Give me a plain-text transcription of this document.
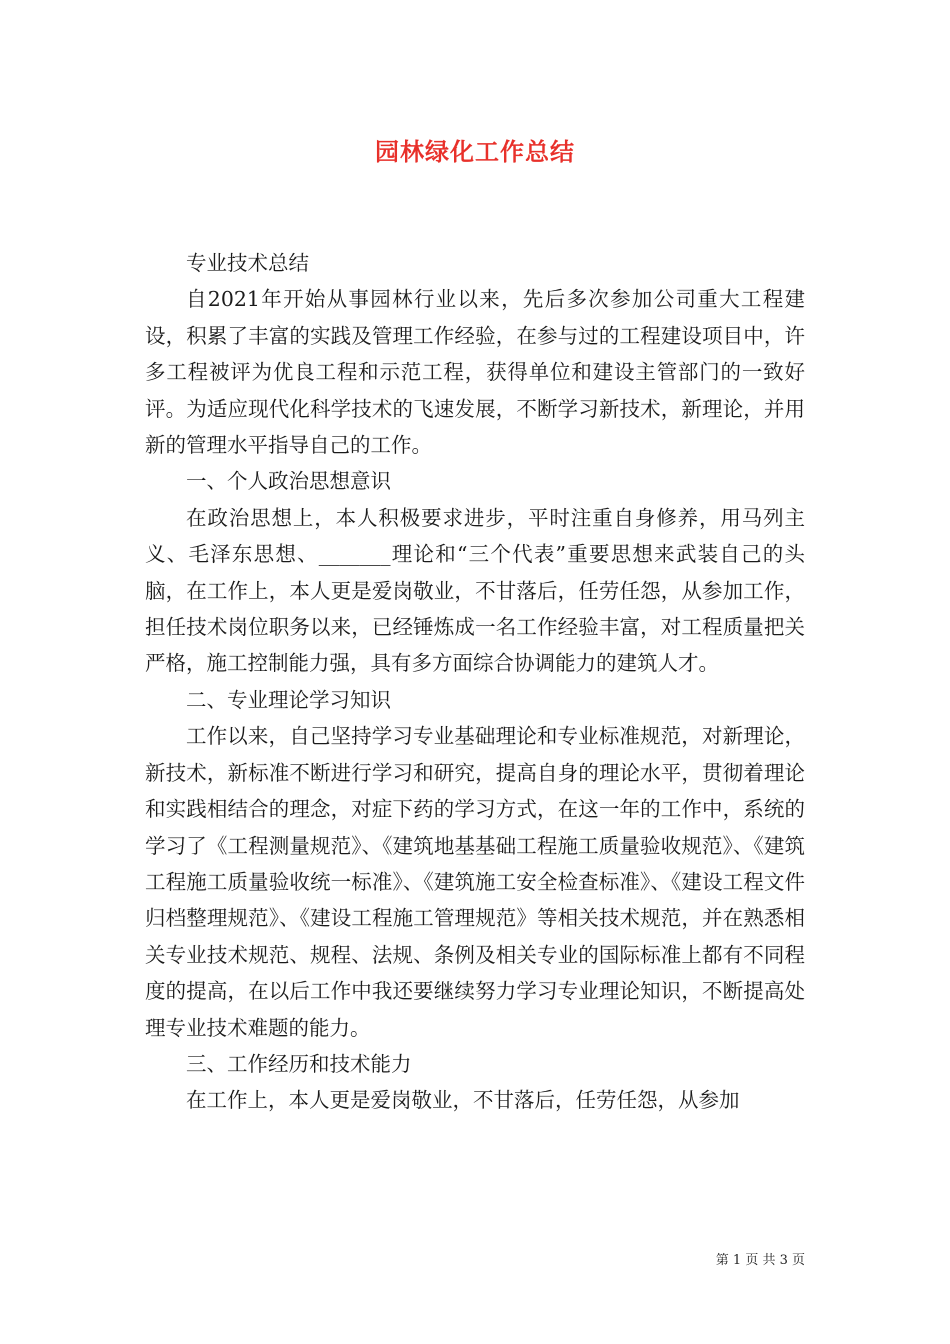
园林绿化工作总结

专业技术总结

自2021年开始从事园林行业以来，先后多次参加公司重大工程建设，积累了丰富的实践及管理工作经验，在参与过的工程建设项目中，许多工程被评为优良工程和示范工程，获得单位和建设主管部门的一致好评。为适应现代化科学技术的飞速发展，不断学习新技术，新理论，并用新的管理水平指导自己的工作。

一、个人政治思想意识

在政治思想上，本人积极要求进步，平时注重自身修养，用马列主义、毛泽东思想、_______理论和“三个代表”重要思想来武装自己的头脑，在工作上，本人更是爱岗敬业，不甘落后，任劳任怨，从参加工作，担任技术岗位职务以来，已经锤炼成一名工作经验丰富，对工程质量把关严格，施工控制能力强，具有多方面综合协调能力的建筑人才。

二、专业理论学习知识

工作以来，自己坚持学习专业基础理论和专业标准规范，对新理论，新技术，新标准不断进行学习和研究，提高自身的理论水平，贯彻着理论和实践相结合的理念，对症下药的学习方式，在这一年的工作中，系统的学习了《工程测量规范》、《建筑地基基础工程施工质量验收规范》、《建筑工程施工质量验收统一标准》、《建筑施工安全检查标准》、《建设工程文件归档整理规范》、《建设工程施工管理规范》等相关技术规范，并在熟悉相关专业技术规范、规程、法规、条例及相关专业的国际标准上都有不同程度的提高，在以后工作中我还要继续努力学习专业理论知识，不断提高处理专业技术难题的能力。

三、工作经历和技术能力

在工作上，本人更是爱岗敬业，不甘落后，任劳任怨，从参加

第 1 页 共 3 页
